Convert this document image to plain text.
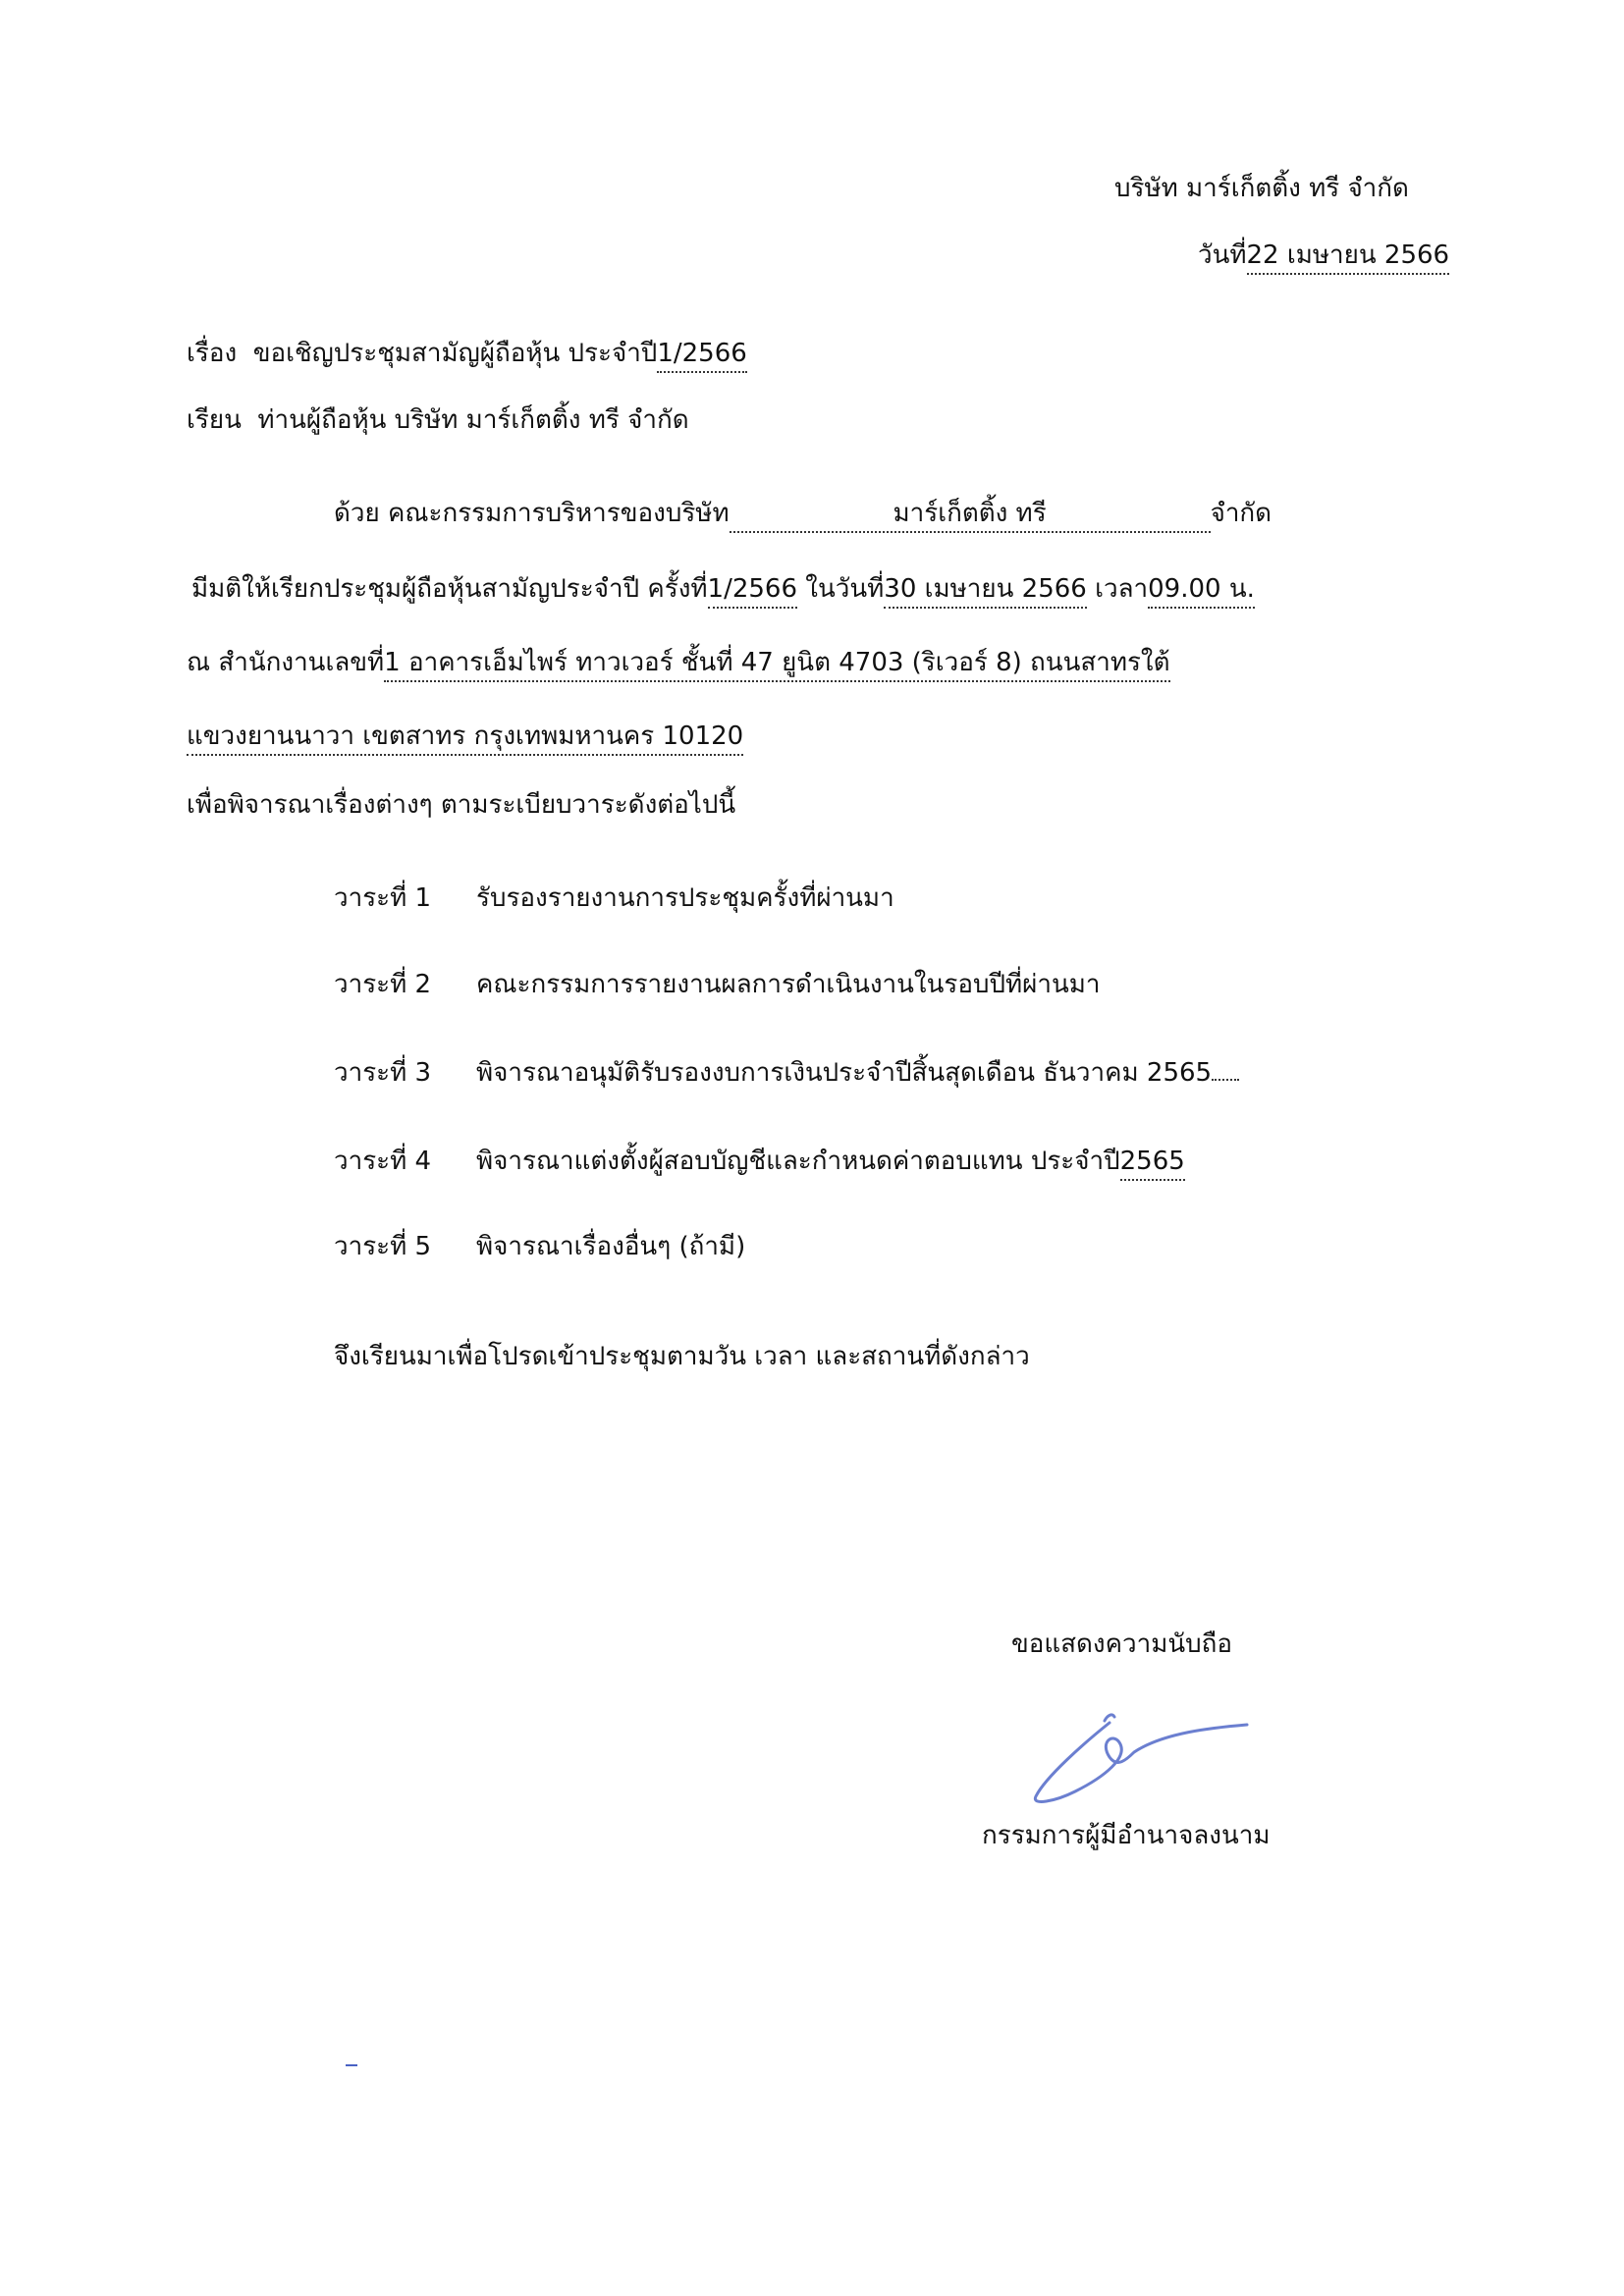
บริษัท มาร์เก็ตติ้ง ทรี จำกัด
วันที่22 เมษายน 2566
เรื่อง ขอเชิญประชุมสามัญผู้ถือหุ้น ประจำปี1/2566
เรียน ท่านผู้ถือหุ้น บริษัท มาร์เก็ตติ้ง ทรี จำกัด
ด้วย คณะกรรมการบริหารของบริษัท	มาร์เก็ตติ้ง ทรี	จำกัด
มีมติให้เรียกประชุมผู้ถือหุ้นสามัญประจำปี ครั้งที่1/2566 ในวันที่30 เมษายน 2566 เวลา09.00 น.
ณ สำนักงานเลขที่1 อาคารเอ็มไพร์ ทาวเวอร์ ชั้นที่ 47 ยูนิต 4703 (ริเวอร์ 8) ถนนสาทรใต้
แขวงยานนาวา เขตสาทร กรุงเทพมหานคร 10120
เพื่อพิจารณาเรื่องต่างๆ ตามระเบียบวาระดังต่อไปนี้
วาระที่ 1 รับรองรายงานการประชุมครั้งที่ผ่านมา
วาระที่ 2 คณะกรรมการรายงานผลการดำเนินงานในรอบปีที่ผ่านมา
วาระที่ 3 พิจารณาอนุมัติรับรองงบการเงินประจำปีสิ้นสุดเดือน ธันวาคม 2565
วาระที่ 4 พิจารณาแต่งตั้งผู้สอบบัญชีและกำหนดค่าตอบแทน ประจำปี2565
วาระที่ 5 พิจารณาเรื่องอื่นๆ (ถ้ามี)
จึงเรียนมาเพื่อโปรดเข้าประชุมตามวัน เวลา และสถานที่ดังกล่าว
ขอแสดงความนับถือ
กรรมการผู้มีอำนาจลงนาม
